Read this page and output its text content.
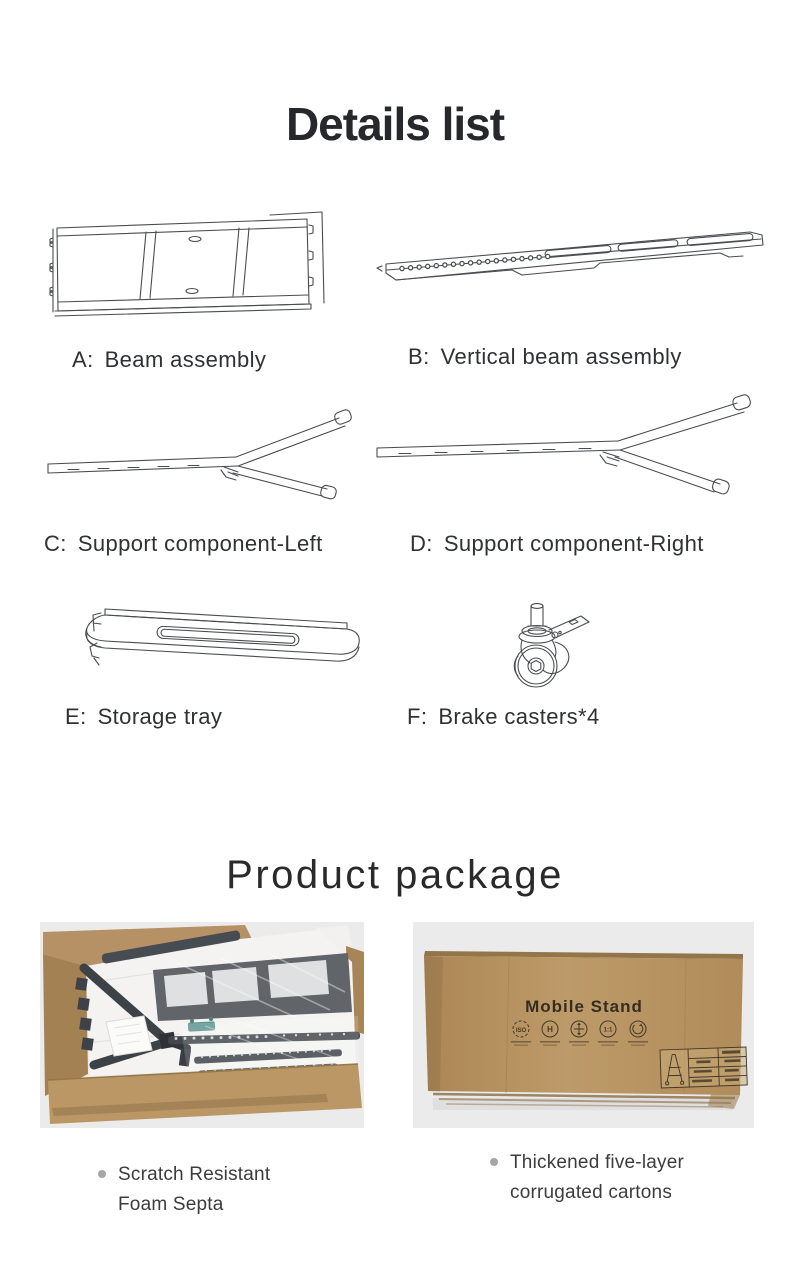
Details list
A: Beam assembly	B: Vertical beam assembly
C: Support component-Left	D: Support component-Right
E: Storage tray	F: Brake casters*4
Product package
Mobile Stand
ISO	H	1:1
Scratch Resistant
Foam Septa
Thickened five-layer
corrugated cartons
